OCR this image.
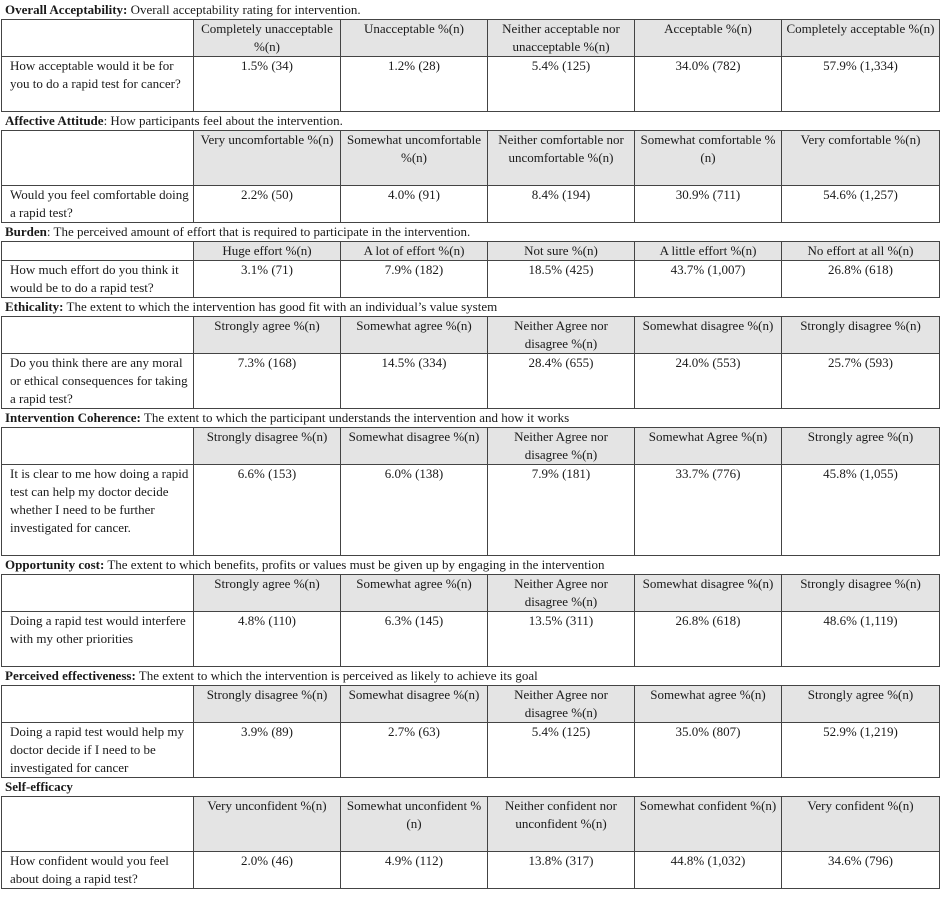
Overall Acceptability: Overall acceptability rating for intervention.
	Completely unacceptable %(n)	Unacceptable %(n)	Neither acceptable nor unacceptable %(n)	Acceptable %(n)	Completely acceptable %(n)
How acceptable would it be for you to do a rapid test for cancer?	1.5% (34)	1.2% (28)	5.4% (125)	34.0% (782)	57.9% (1,334)
Affective Attitude: How participants feel about the intervention.
	Very uncomfortable %(n)	Somewhat uncomfortable %(n)	Neither comfortable nor uncomfortable %(n)	Somewhat comfortable %(n)	Very comfortable %(n)
Would you feel comfortable doing a rapid test?	2.2% (50)	4.0% (91)	8.4% (194)	30.9% (711)	54.6% (1,257)
Burden: The perceived amount of effort that is required to participate in the intervention.
	Huge effort %(n)	A lot of effort %(n)	Not sure %(n)	A little effort %(n)	No effort at all %(n)
How much effort do you think it would be to do a rapid test?	3.1% (71)	7.9% (182)	18.5% (425)	43.7% (1,007)	26.8% (618)
Ethicality: The extent to which the intervention has good fit with an individual’s value system
	Strongly agree %(n)	Somewhat agree %(n)	Neither Agree nor disagree %(n)	Somewhat disagree %(n)	Strongly disagree %(n)
Do you think there are any moral or ethical consequences for taking a rapid test?	7.3% (168)	14.5% (334)	28.4% (655)	24.0% (553)	25.7% (593)
Intervention Coherence: The extent to which the participant understands the intervention and how it works
	Strongly disagree %(n)	Somewhat disagree %(n)	Neither Agree nor disagree %(n)	Somewhat Agree %(n)	Strongly agree %(n)
It is clear to me how doing a rapid test can help my doctor decide whether I need to be further investigated for cancer.	6.6% (153)	6.0% (138)	7.9% (181)	33.7% (776)	45.8% (1,055)
Opportunity cost: The extent to which benefits, profits or values must be given up by engaging in the intervention
	Strongly agree %(n)	Somewhat agree %(n)	Neither Agree nor disagree %(n)	Somewhat disagree %(n)	Strongly disagree %(n)
Doing a rapid test would interfere with my other priorities	4.8% (110)	6.3% (145)	13.5% (311)	26.8% (618)	48.6% (1,119)
Perceived effectiveness: The extent to which the intervention is perceived as likely to achieve its goal
	Strongly disagree %(n)	Somewhat disagree %(n)	Neither Agree nor disagree %(n)	Somewhat agree %(n)	Strongly agree %(n)
Doing a rapid test would help my doctor decide if I need to be investigated for cancer	3.9% (89)	2.7% (63)	5.4% (125)	35.0% (807)	52.9% (1,219)
Self-efficacy
	Very unconfident %(n)	Somewhat unconfident %(n)	Neither confident nor unconfident %(n)	Somewhat confident %(n)	Very confident %(n)
How confident would you feel about doing a rapid test?	2.0% (46)	4.9% (112)	13.8% (317)	44.8% (1,032)	34.6% (796)
